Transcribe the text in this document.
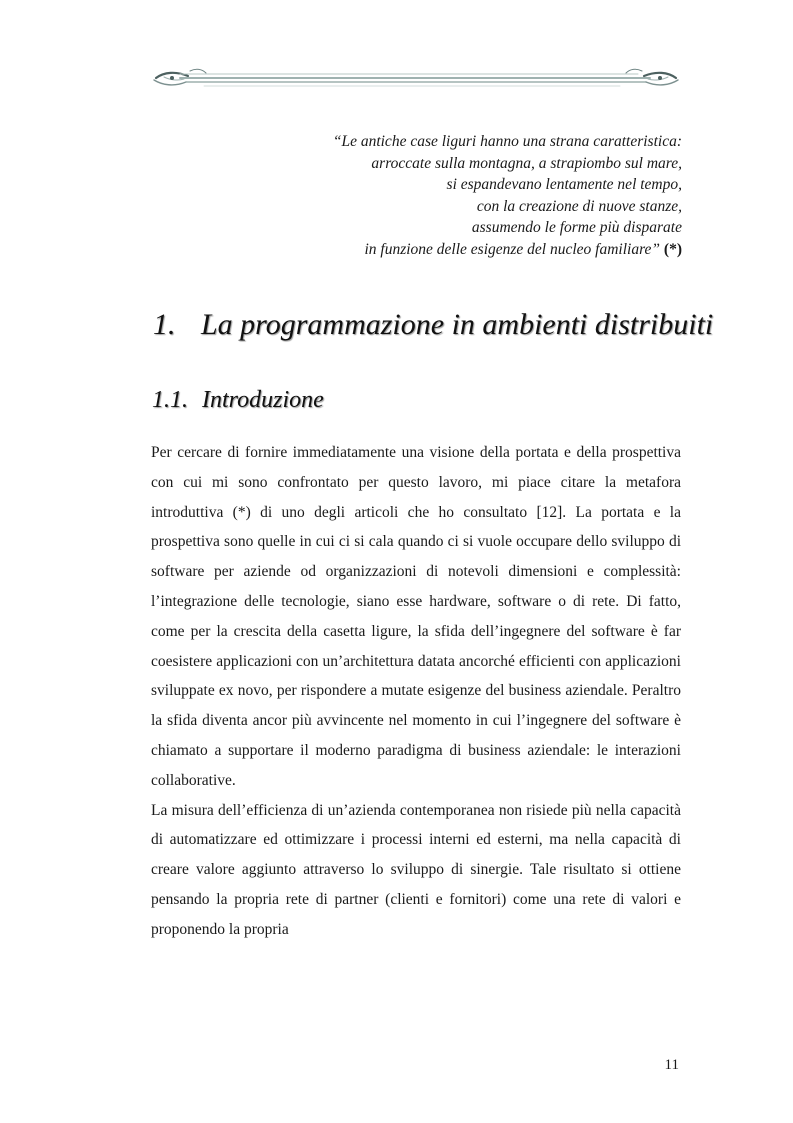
“Le antiche case liguri hanno una strana caratteristica:
arroccate sulla montagna, a strapiombo sul mare,
si espandevano lentamente nel tempo,
con la creazione di nuove stanze,
assumendo le forme più disparate
in funzione delle esigenze del nucleo familiare” (*)
1. La programmazione in ambienti distribuiti
1.1. Introduzione

Per cercare di fornire immediatamente una visione della portata e della prospettiva con cui mi sono confrontato per questo lavoro, mi piace citare la metafora introduttiva (*) di uno degli articoli che ho consultato [12]. La portata e la prospettiva sono quelle in cui ci si cala quando ci si vuole occupare dello sviluppo di software per aziende od organizzazioni di notevoli dimensioni e complessità: l’integrazione delle tecnologie, siano esse hardware, software o di rete. Di fatto, come per la crescita della casetta ligure, la sfida dell’ingegnere del software è far coesistere applicazioni con un’architettura datata ancorché efficienti con applicazioni sviluppate ex novo, per rispondere a mutate esigenze del business aziendale. Peraltro la sfida diventa ancor più avvincente nel momento in cui l’ingegnere del software è chiamato a supportare il moderno paradigma di business aziendale: le interazioni collaborative.

La misura dell’efficienza di un’azienda contemporanea non risiede più nella capacità di automatizzare ed ottimizzare i processi interni ed esterni, ma nella capacità di creare valore aggiunto attraverso lo sviluppo di sinergie. Tale risultato si ottiene pensando la propria rete di partner (clienti e fornitori) come una rete di valori e proponendo la propria

11
